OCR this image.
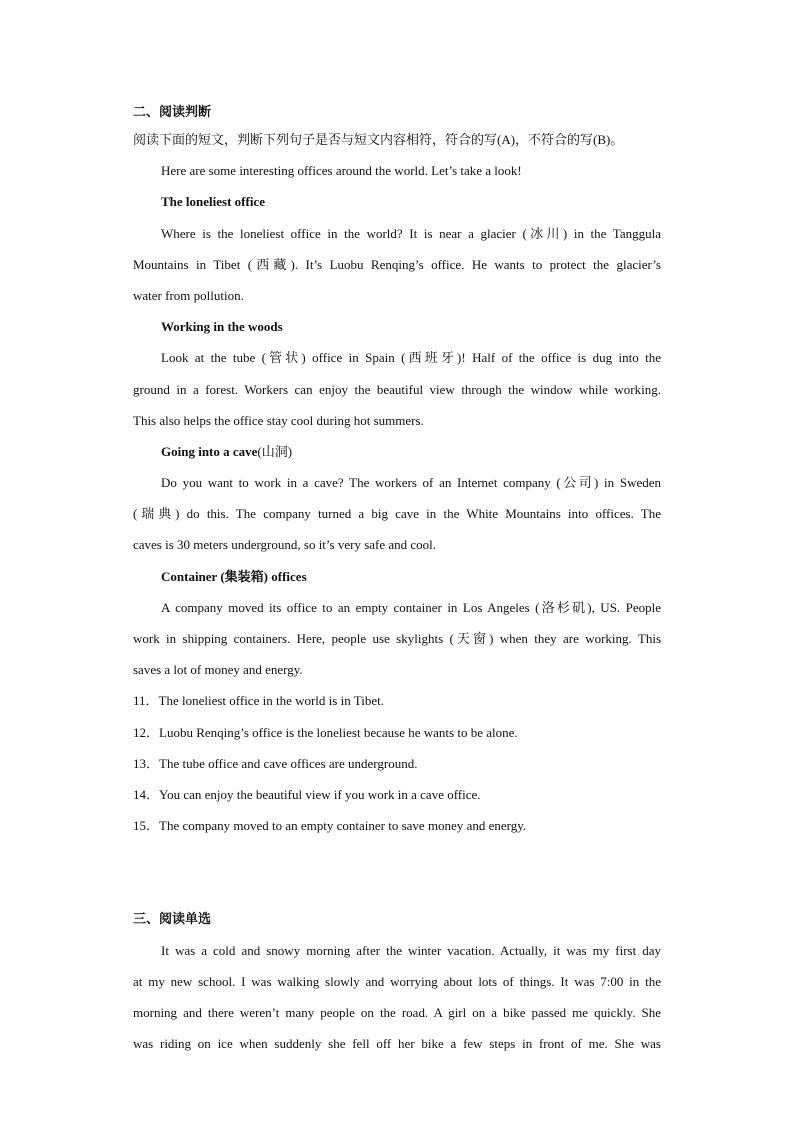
二、阅读判断
阅读下面的短文，判断下列句子是否与短文内容相符，符合的写(A)，不符合的写(B)。
Here are some interesting offices around the world. Let’s take a look!
The loneliest office
Where is the loneliest office in the world? It is near a glacier (冰川) in the Tanggula
Mountains in Tibet (西藏). It’s Luobu Renqing’s office. He wants to protect the glacier’s
water from pollution.
Working in the woods
Look at the tube (管状) office in Spain (西班牙)! Half of the office is dug into the
ground in a forest. Workers can enjoy the beautiful view through the window while working.
This also helps the office stay cool during hot summers.
Going into a cave(山洞)
Do you want to work in a cave? The workers of an Internet company (公司) in Sweden
(瑞典) do this. The company turned a big cave in the White Mountains into offices. The
caves is 30 meters underground, so it’s very safe and cool.
Container (集装箱) offices
A company moved its office to an empty container in Los Angeles (洛杉矶), US. People
work in shipping containers. Here, people use skylights (天窗) when they are working. This
saves a lot of money and energy.
11．The loneliest office in the world is in Tibet.
12．Luobu Renqing’s office is the loneliest because he wants to be alone.
13．The tube office and cave offices are underground.
14．You can enjoy the beautiful view if you work in a cave office.
15．The company moved to an empty container to save money and energy.
三、阅读单选
It was a cold and snowy morning after the winter vacation. Actually, it was my first day
at my new school. I was walking slowly and worrying about lots of things. It was 7:00 in the
morning and there weren’t many people on the road. A girl on a bike passed me quickly. She
was riding on ice when suddenly she fell off her bike a few steps in front of me. She was
